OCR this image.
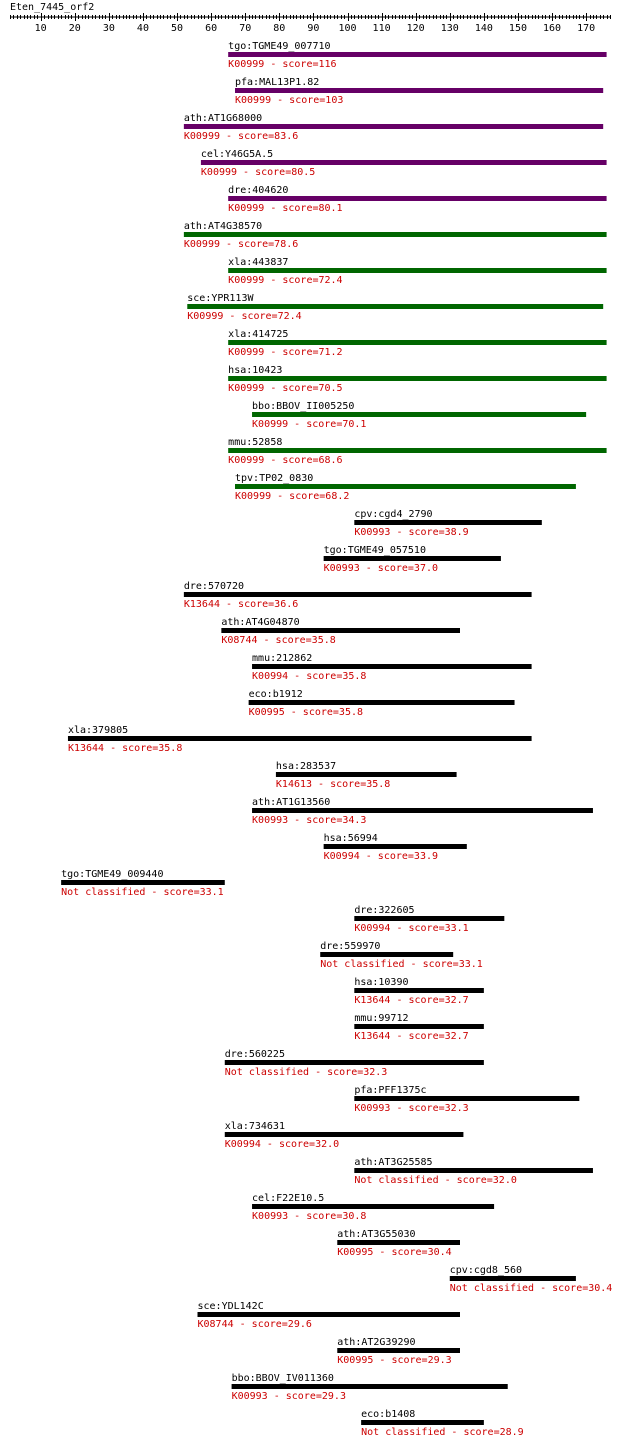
Eten_7445_orf2
10 20 30 40 50 60 70 80 90 100 110 120 130 140 150 160 170
tgo:TGME49_007710
K00999 - score=116
pfa:MAL13P1.82
K00999 - score=103
ath:AT1G68000
K00999 - score=83.6
cel:Y46G5A.5
K00999 - score=80.5
dre:404620
K00999 - score=80.1
ath:AT4G38570
K00999 - score=78.6
xla:443837
K00999 - score=72.4
sce:YPR113W
K00999 - score=72.4
xla:414725
K00999 - score=71.2
hsa:10423
K00999 - score=70.5
bbo:BBOV_II005250
K00999 - score=70.1
mmu:52858
K00999 - score=68.6
tpv:TP02_0830
K00999 - score=68.2
cpv:cgd4_2790
K00993 - score=38.9
tgo:TGME49_057510
K00993 - score=37.0
dre:570720
K13644 - score=36.6
ath:AT4G04870
K08744 - score=35.8
mmu:212862
K00994 - score=35.8
eco:b1912
K00995 - score=35.8
xla:379805
K13644 - score=35.8
hsa:283537
K14613 - score=35.8
ath:AT1G13560
K00993 - score=34.3
hsa:56994
K00994 - score=33.9
tgo:TGME49_009440
Not classified - score=33.1
dre:322605
K00994 - score=33.1
dre:559970
Not classified - score=33.1
hsa:10390
K13644 - score=32.7
mmu:99712
K13644 - score=32.7
dre:560225
Not classified - score=32.3
pfa:PFF1375c
K00993 - score=32.3
xla:734631
K00994 - score=32.0
ath:AT3G25585
Not classified - score=32.0
cel:F22E10.5
K00993 - score=30.8
ath:AT3G55030
K00995 - score=30.4
cpv:cgd8_560
Not classified - score=30.4
sce:YDL142C
K08744 - score=29.6
ath:AT2G39290
K00995 - score=29.3
bbo:BBOV_IV011360
K00993 - score=29.3
eco:b1408
Not classified - score=28.9
